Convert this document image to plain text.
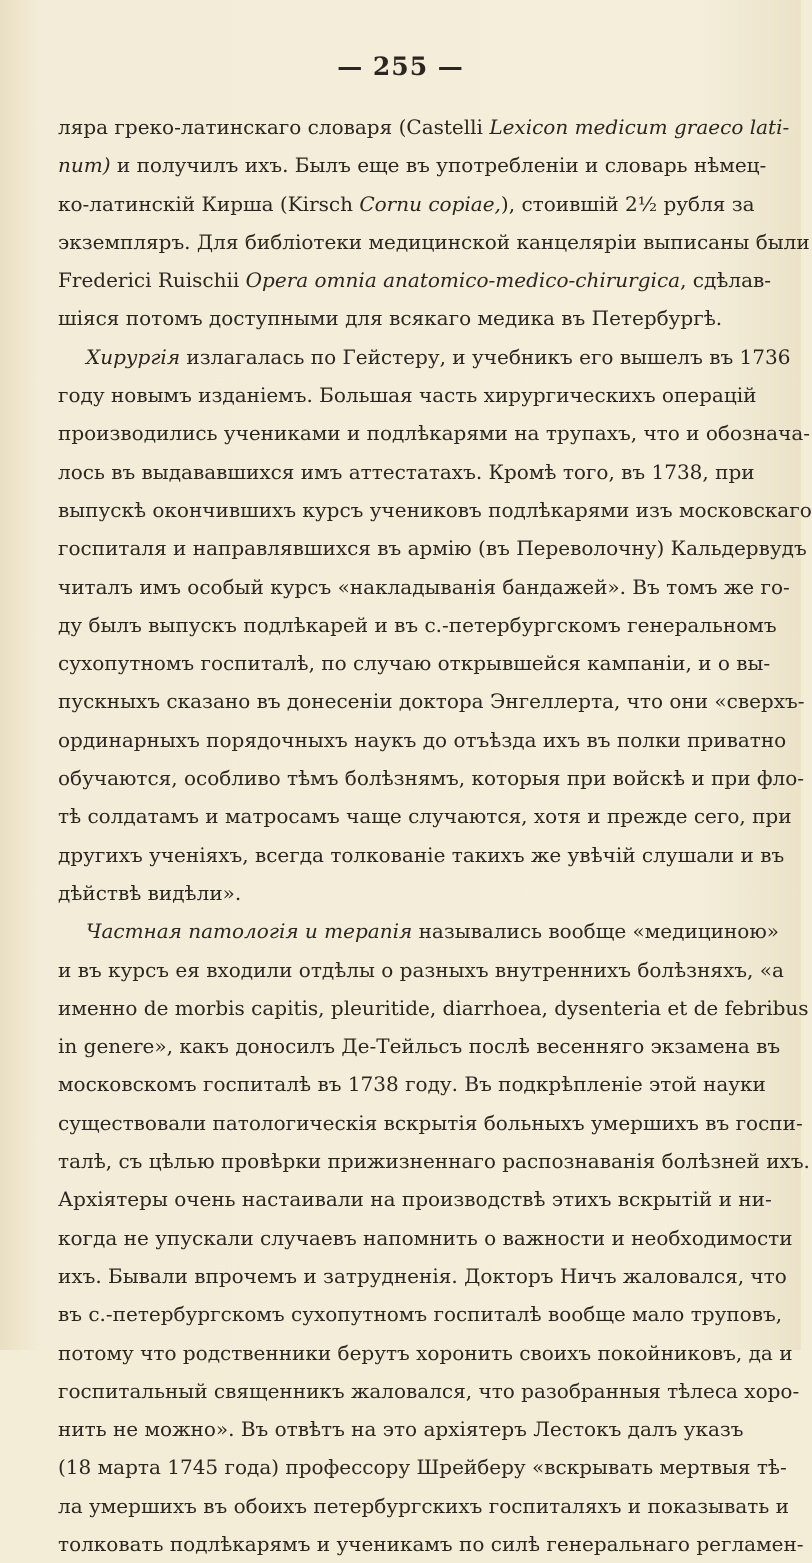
— 255 —
ляра греко-латинскаго словаря (Castelli Lexicon medicum graeco lati-
num) и получилъ ихъ. Былъ еще въ употребленіи и словарь нѣмец-
ко-латинскій Кирша (Kirsch Cornu copiae,), стоившій 2½ рубля за
экземпляръ. Для библіотеки медицинской канцеляріи выписаны были
Frederici Ruischii Opera omnia anatomico-medico-chirurgica, сдѣлав-
шіяся потомъ доступными для всякаго медика въ Петербургѣ.
Хирургія излагалась по Гейстеру, и учебникъ его вышелъ въ 1736
году новымъ изданіемъ. Большая часть хирургическихъ операцій
производились учениками и подлѣкарями на трупахъ, что и обознача-
лось въ выдававшихся имъ аттестатахъ. Кромѣ того, въ 1738, при
выпускѣ окончившихъ курсъ учениковъ подлѣкарями изъ московскаго
госпиталя и направлявшихся въ армію (въ Переволочну) Кальдервудъ
читалъ имъ особый курсъ «накладыванія бандажей». Въ томъ же го-
ду былъ выпускъ подлѣкарей и въ с.-петербургскомъ генеральномъ
сухопутномъ госпиталѣ, по случаю открывшейся кампаніи, и о вы-
пускныхъ сказано въ донесеніи доктора Энгеллерта, что они «сверхъ-
ординарныхъ порядочныхъ наукъ до отъѣзда ихъ въ полки приватно
обучаются, особливо тѣмъ болѣзнямъ, которыя при войскѣ и при фло-
тѣ солдатамъ и матросамъ чаще случаются, хотя и прежде сего, при
другихъ ученіяхъ, всегда толкованіе такихъ же увѣчій слушали и въ
дѣйствѣ видѣли».
Частная патологія и терапія назывались вообще «медициною»
и въ курсъ ея входили отдѣлы о разныхъ внутреннихъ болѣзняхъ, «а
именно de morbis capitis, pleuritide, diarrhoea, dysenteria et de febribus
in genere», какъ доносилъ Де-Тейльсъ послѣ весенняго экзамена въ
московскомъ госпиталѣ въ 1738 году. Въ подкрѣпленіе этой науки
существовали патологическія вскрытія больныхъ умершихъ въ госпи-
талѣ, съ цѣлью провѣрки прижизненнаго распознаванія болѣзней ихъ.
Архіятеры очень настаивали на производствѣ этихъ вскрытій и ни-
когда не упускали случаевъ напомнить о важности и необходимости
ихъ. Бывали впрочемъ и затрудненія. Докторъ Ничъ жаловался, что
въ с.-петербургскомъ сухопутномъ госпиталѣ вообще мало труповъ,
потому что родственники берутъ хоронить своихъ покойниковъ, да и
госпитальный священникъ жаловался, что разобранныя тѣлеса хоро-
нить не можно». Въ отвѣтъ на это архіятеръ Лестокъ далъ указъ
(18 марта 1745 года) профессору Шрейберу «вскрывать мертвыя тѣ-
ла умершихъ въ обоихъ петербургскихъ госпиталяхъ и показывать и
толковать подлѣкарямъ и ученикамъ по силѣ генеральнаго регламен-
